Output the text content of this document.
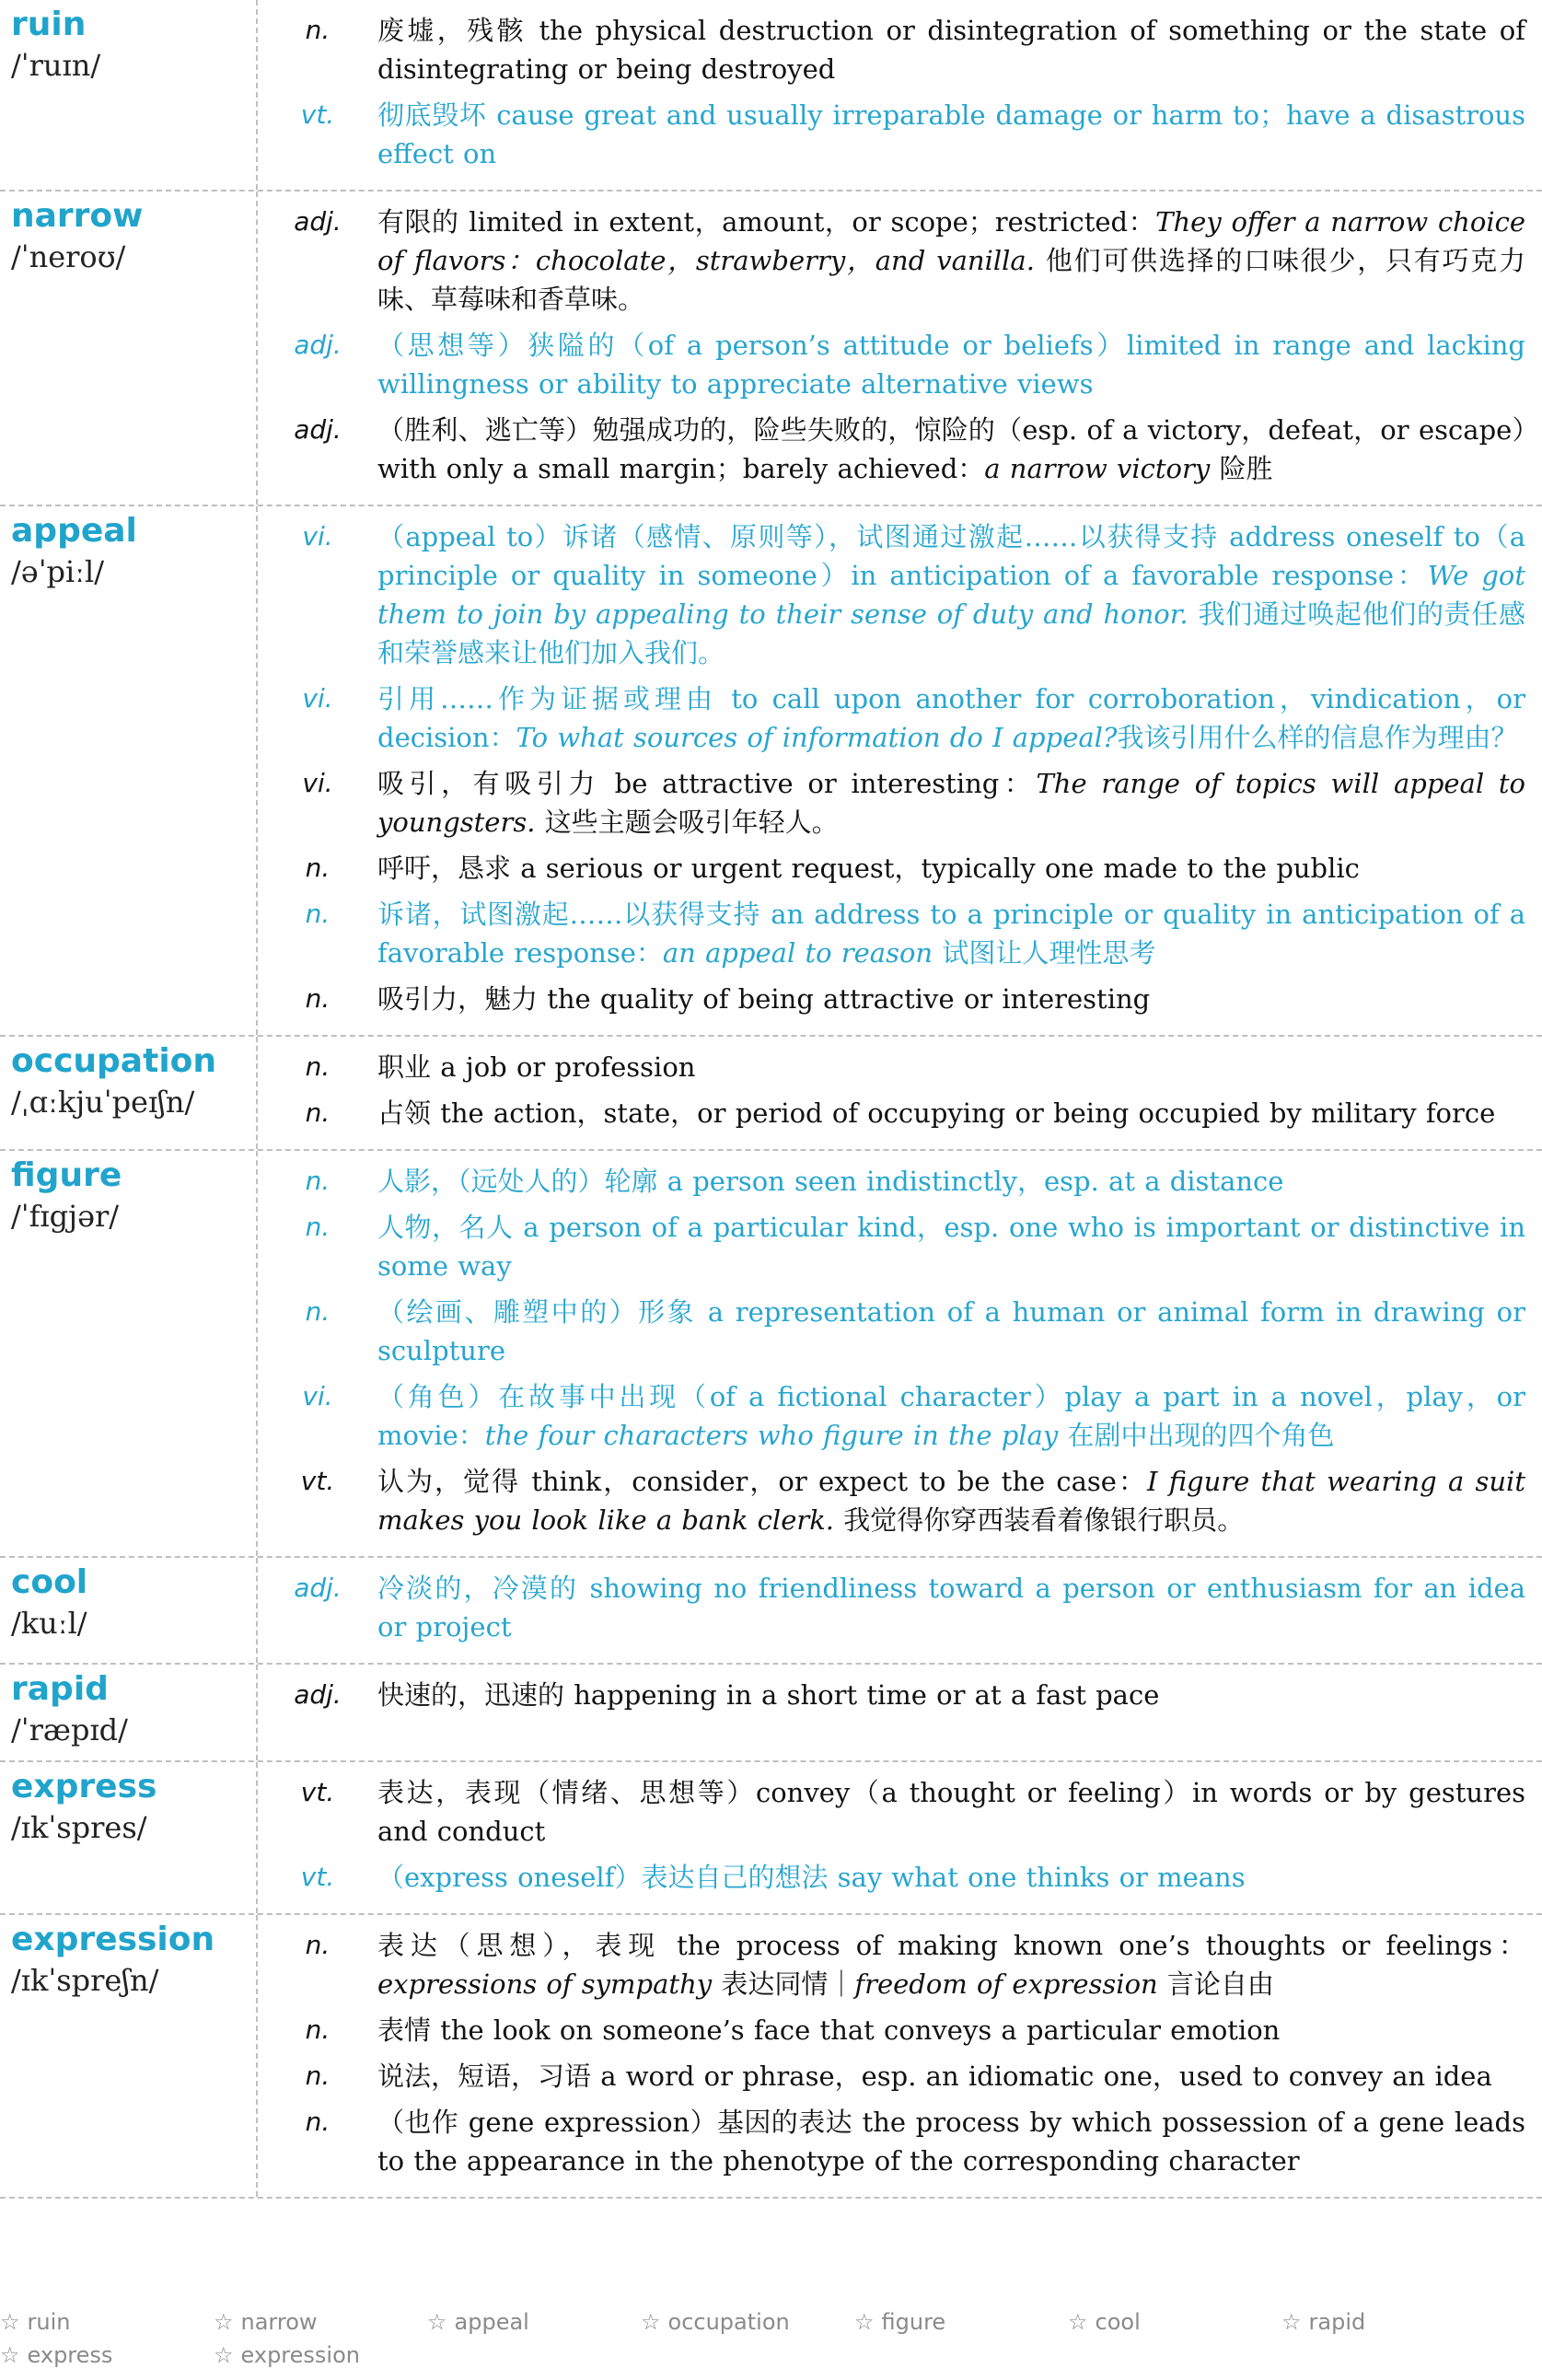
ruin
/ˈruɪn/
n.	废墟，残骸 the physical destruction or disintegration of something or the state of disintegrating or being destroyed
vt.	彻底毁坏 cause great and usually irreparable damage or harm to；have a disastrous effect on
narrow
/ˈneroʊ/
adj.	有限的 limited in extent，amount，or scope；restricted：They offer a narrow choice of flavors：chocolate，strawberry，and vanilla. 他们可供选择的口味很少，只有巧克力味、草莓味和香草味。
adj.	（思想等）狭隘的（of a person’s attitude or beliefs）limited in range and lacking willingness or ability to appreciate alternative views
adj.	（胜利、逃亡等）勉强成功的，险些失败的，惊险的（esp. of a victory，defeat，or escape）with only a small margin；barely achieved：a narrow victory 险胜
appeal
/əˈpiːl/
vi.	（appeal to）诉诸（感情、原则等），试图通过激起……以获得支持 address oneself to（a principle or quality in someone）in anticipation of a favorable response：We got them to join by appealing to their sense of duty and honor. 我们通过唤起他们的责任感和荣誉感来让他们加入我们。
vi.	引用……作为证据或理由 to call upon another for corroboration，vindication，or decision：To what sources of information do I appeal?我该引用什么样的信息作为理由？
vi.	吸引，有吸引力 be attractive or interesting：The range of topics will appeal to youngsters. 这些主题会吸引年轻人。
n.	呼吁，恳求 a serious or urgent request，typically one made to the public
n.	诉诸，试图激起……以获得支持 an address to a principle or quality in anticipation of a favorable response：an appeal to reason 试图让人理性思考
n.	吸引力，魅力 the quality of being attractive or interesting
occupation
/ˌɑːkjuˈpeɪʃn/
n.	职业 a job or profession
n.	占领 the action，state，or period of occupying or being occupied by military force
figure
/ˈfɪgjər/
n.	人影，（远处人的）轮廓 a person seen indistinctly，esp. at a distance
n.	人物，名人 a person of a particular kind，esp. one who is important or distinctive in some way
n.	（绘画、雕塑中的）形象 a representation of a human or animal form in drawing or sculpture
vi.	（角色）在故事中出现（of a fictional character）play a part in a novel，play，or movie：the four characters who figure in the play 在剧中出现的四个角色
vt.	认为，觉得 think，consider，or expect to be the case：I figure that wearing a suit makes you look like a bank clerk. 我觉得你穿西装看着像银行职员。
cool
/kuːl/
adj.	冷淡的，冷漠的 showing no friendliness toward a person or enthusiasm for an idea or project
rapid
/ˈræpɪd/
adj.	快速的，迅速的 happening in a short time or at a fast pace
express
/ɪkˈspres/
vt.	表达，表现（情绪、思想等）convey（a thought or feeling）in words or by gestures and conduct
vt.	（express oneself）表达自己的想法 say what one thinks or means
expression
/ɪkˈspreʃn/
n.	表达（思想），表现 the process of making known one’s thoughts or feelings：expressions of sympathy 表达同情｜freedom of expression 言论自由
n.	表情 the look on someone’s face that conveys a particular emotion
n.	说法，短语，习语 a word or phrase，esp. an idiomatic one，used to convey an idea
n.	（也作 gene expression）基因的表达 the process by which possession of a gene leads to the appearance in the phenotype of the corresponding character
☆ ruin	☆ narrow	☆ appeal	☆ occupation	☆ figure	☆ cool	☆ rapid
☆ express	☆ expression
